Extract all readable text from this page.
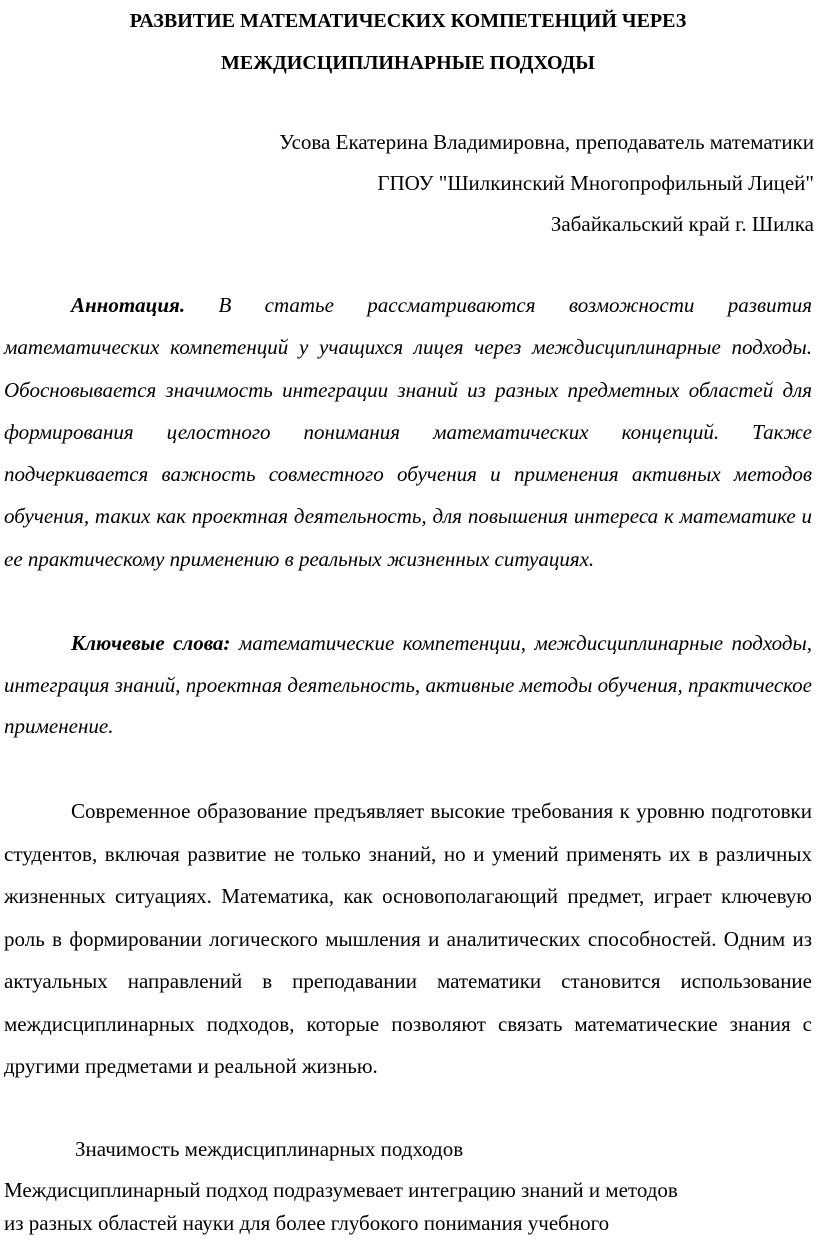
РАЗВИТИЕ МАТЕМАТИЧЕСКИХ КОМПЕТЕНЦИЙ ЧЕРЕЗ
МЕЖДИСЦИПЛИНАРНЫЕ ПОДХОДЫ
Усова Екатерина Владимировна, преподаватель математики
ГПОУ "Шилкинский Многопрофильный Лицей"
Забайкальский край г. Шилка
Аннотация. В статье рассматриваются возможности развития математических компетенций у учащихся лицея через междисциплинарные подходы. Обосновывается значимость интеграции знаний из разных предметных областей для формирования целостного понимания математических концепций. Также подчеркивается важность совместного обучения и применения активных методов обучения, таких как проектная деятельность, для повышения интереса к математике и ее практическому применению в реальных жизненных ситуациях.
Ключевые слова: математические компетенции, междисциплинарные подходы, интеграция знаний, проектная деятельность, активные методы обучения, практическое применение.
Современное образование предъявляет высокие требования к уровню подготовки студентов, включая развитие не только знаний, но и умений применять их в различных жизненных ситуациях. Математика, как основополагающий предмет, играет ключевую роль в формировании логического мышления и аналитических способностей. Одним из актуальных направлений в преподавании математики становится использование междисциплинарных подходов, которые позволяют связать математические знания с другими предметами и реальной жизнью.
Значимость междисциплинарных подходов
Междисциплинарный подход подразумевает интеграцию знаний и методов
из разных областей науки для более глубокого понимания учебного
